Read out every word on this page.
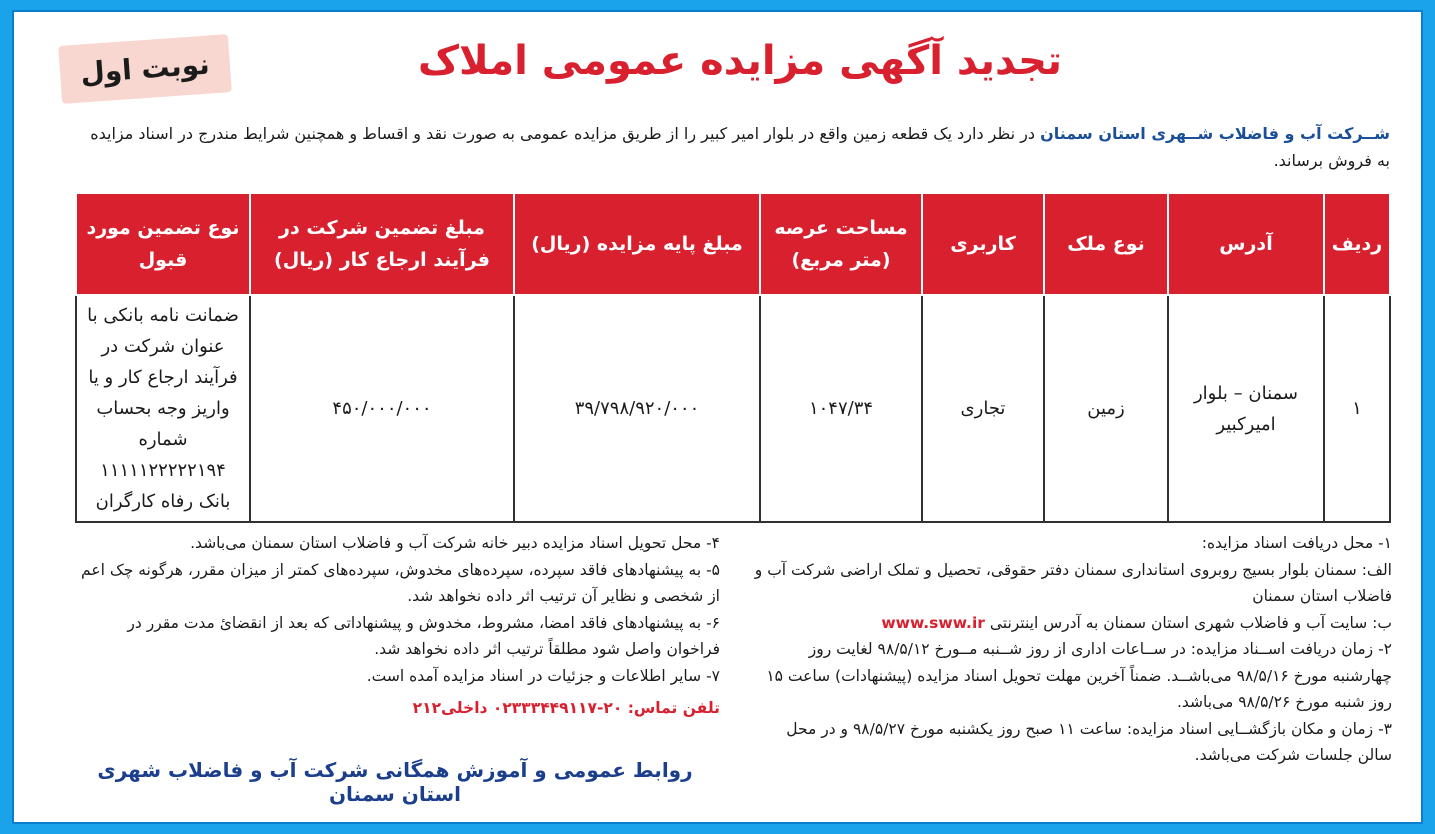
نوبت اول	تجدید آگهی مزایده عمومی املاک
شــرکت آب و فاضلاب شــهری استان سمنان در نظر دارد یک قطعه زمین واقع در بلوار امیر کبیر را از طریق مزایده عمومی به صورت نقد و اقساط و همچنین شرایط مندرج در اسناد مزایده به فروش برساند.
ردیف	آدرس	نوع ملک	کاربری	مساحت عرصه (متر مربع)	مبلغ پایه مزایده (ریال)	مبلغ تضمین شرکت در فرآیند ارجاع کار (ریال)	نوع تضمین مورد قبول
۱	سمنان – بلوار امیرکبیر	زمین	تجاری	۱۰۴۷/۳۴	۳۹/۷۹۸/۹۲۰/۰۰۰	۴۵۰/۰۰۰/۰۰۰	ضمانت نامه بانکی با عنوان شرکت در فرآیند ارجاع کار و یا واریز وجه بحساب شماره ۱۱۱۱۱۲۲۲۲۲۱۹۴ بانک رفاه کارگران

۱- محل دریافت اسناد مزایده:

الف: سمنان بلوار بسیج روبروی استانداری سمنان دفتر حقوقی، تحصیل و تملک اراضی شرکت آب و فاضلاب استان سمنان

ب: سایت آب و فاضلاب شهری استان سمنان به آدرس اینترنتی www.sww.ir

۲- زمان دریافت اســناد مزایده: در ســاعات اداری از روز شــنبه مــورخ ۹۸/۵/۱۲ لغایت روز چهارشنبه مورخ ۹۸/۵/۱۶ می‌باشــد. ضمناً آخرین مهلت تحویل اسناد مزایده (پیشنهادات) ساعت ۱۵ روز شنبه مورخ ۹۸/۵/۲۶ می‌باشد.

۳- زمان و مکان بازگشــایی اسناد مزایده: ساعت ۱۱ صبح روز یکشنبه مورخ ۹۸/۵/۲۷ و در محل سالن جلسات شرکت می‌باشد.

۴- محل تحویل اسناد مزایده دبیر خانه شرکت آب و فاضلاب استان سمنان می‌باشد.

۵- به پیشنهادهای فاقد سپرده، سپرده‌های مخدوش، سپرده‌های کمتر از میزان مقرر، هرگونه چک اعم از شخصی و نظایر آن ترتیب اثر داده نخواهد شد.

۶- به پیشنهادهای فاقد امضا، مشروط، مخدوش و پیشنهاداتی که بعد از انقضائ مدت مقرر در فراخوان واصل شود مطلقاً ترتیب اثر داده نخواهد شد.

۷- سایر اطلاعات و جزئیات در اسناد مزایده آمده است.

تلفن تماس: ۲۰-۰۲۳۳۳۴۴۹۱۱۷ داخلی۲۱۲

روابط عمومی و آموزش همگانی شرکت آب و فاضلاب شهری استان سمنان
